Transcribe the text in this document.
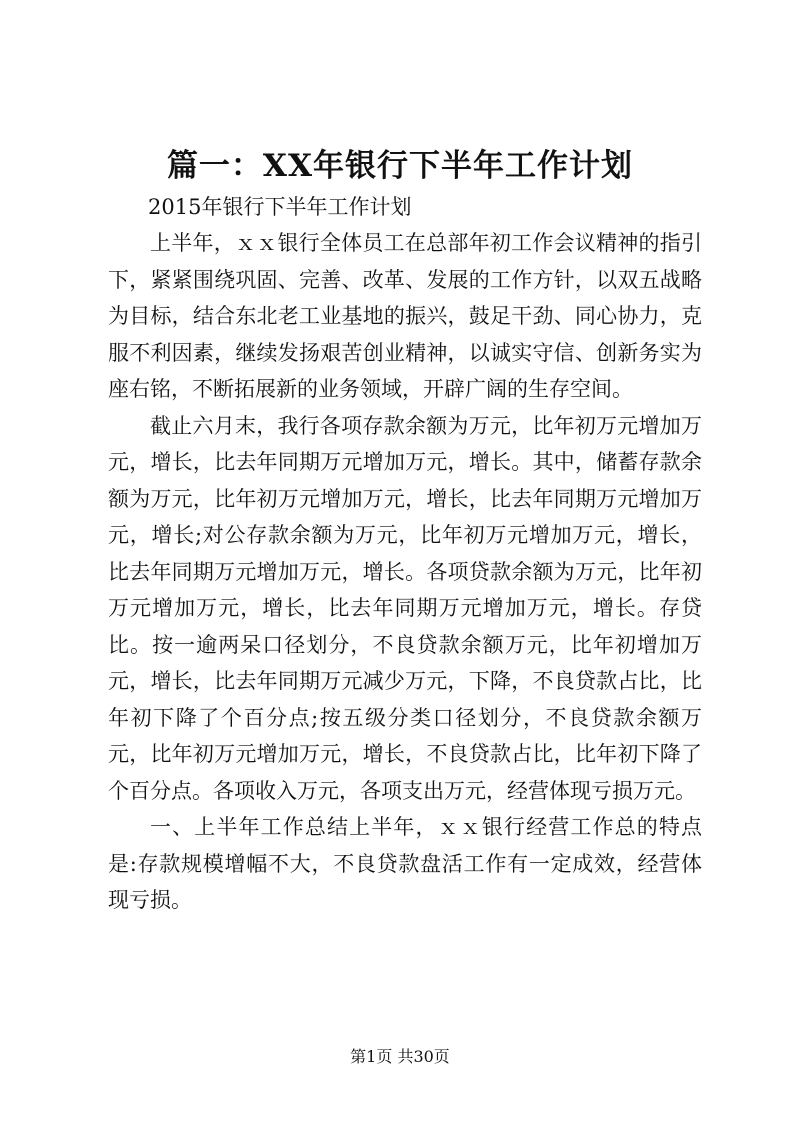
篇一：XX年银行下半年工作计划
2015年银行下半年工作计划

上半年，ｘｘ银行全体员工在总部年初工作会议精神的指引下，紧紧围绕巩固、完善、改革、发展的工作方针，以双五战略为目标，结合东北老工业基地的振兴，鼓足干劲、同心协力，克服不利因素，继续发扬艰苦创业精神，以诚实守信、创新务实为座右铭，不断拓展新的业务领域，开辟广阔的生存空间。

截止六月末，我行各项存款余额为万元，比年初万元增加万元，增长，比去年同期万元增加万元，增长。其中，储蓄存款余额为万元，比年初万元增加万元，增长，比去年同期万元增加万元，增长;对公存款余额为万元，比年初万元增加万元，增长，比去年同期万元增加万元，增长。各项贷款余额为万元，比年初万元增加万元，增长，比去年同期万元增加万元，增长。存贷比。按一逾两呆口径划分，不良贷款余额万元，比年初增加万元，增长，比去年同期万元减少万元，下降，不良贷款占比，比年初下降了个百分点;按五级分类口径划分，不良贷款余额万元，比年初万元增加万元，增长，不良贷款占比，比年初下降了个百分点。各项收入万元，各项支出万元，经营体现亏损万元。

一、上半年工作总结上半年，ｘｘ银行经营工作总的特点是:存款规模增幅不大，不良贷款盘活工作有一定成效，经营体现亏损。

第1页 共30页
